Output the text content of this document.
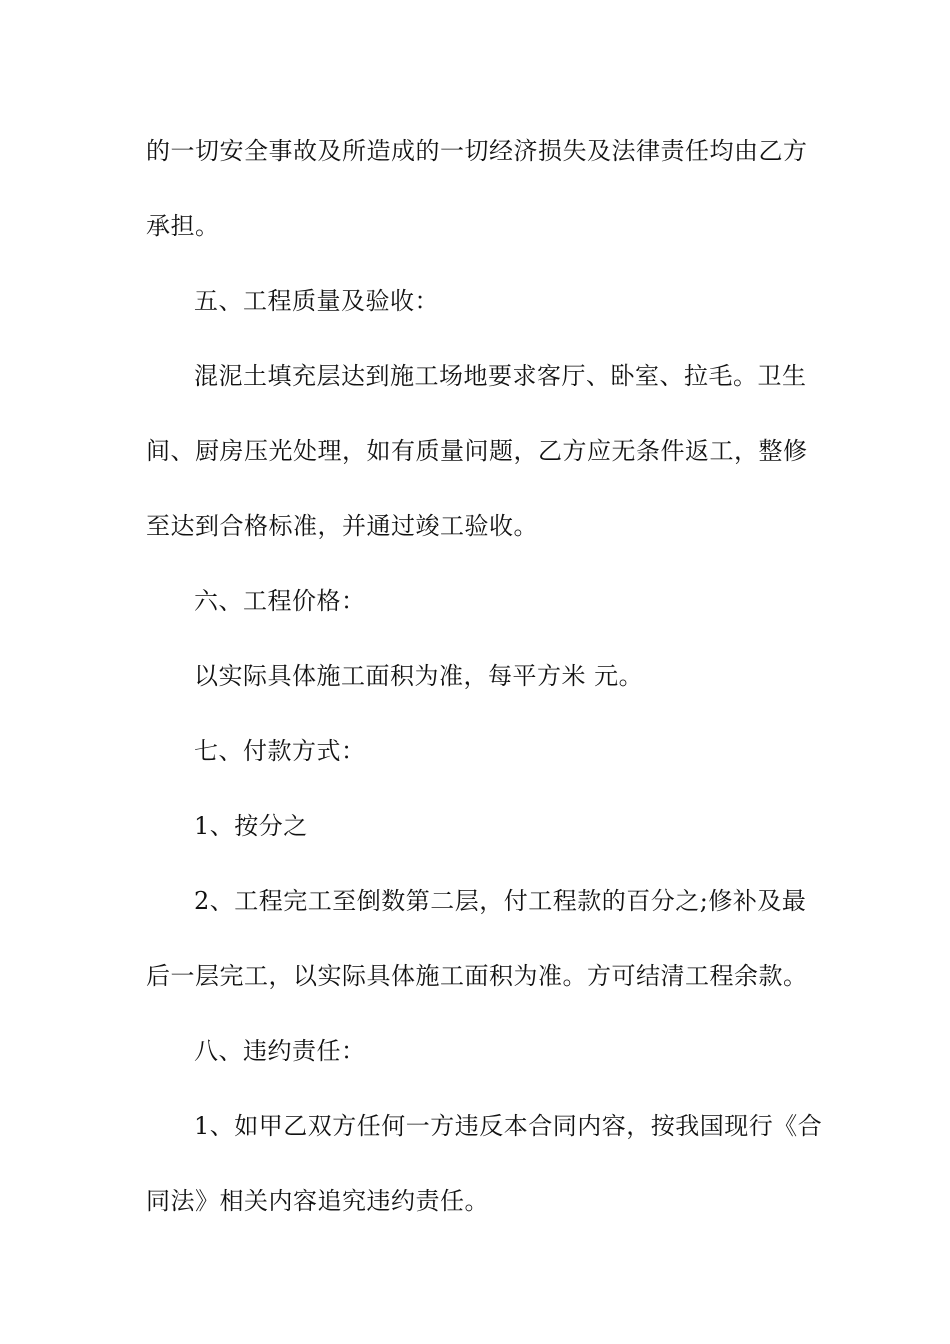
的一切安全事故及所造成的一切经济损失及法律责任均由乙方
承担。
五、工程质量及验收：
混泥土填充层达到施工场地要求客厅、卧室、拉毛。卫生
间、厨房压光处理，如有质量问题，乙方应无条件返工，整修
至达到合格标准，并通过竣工验收。
六、工程价格：
以实际具体施工面积为准，每平方米 元。
七、付款方式：
1、按分之
2、工程完工至倒数第二层，付工程款的百分之;修补及最
后一层完工，以实际具体施工面积为准。方可结清工程余款。
八、违约责任：
1、如甲乙双方任何一方违反本合同内容，按我国现行《合
同法》相关内容追究违约责任。
